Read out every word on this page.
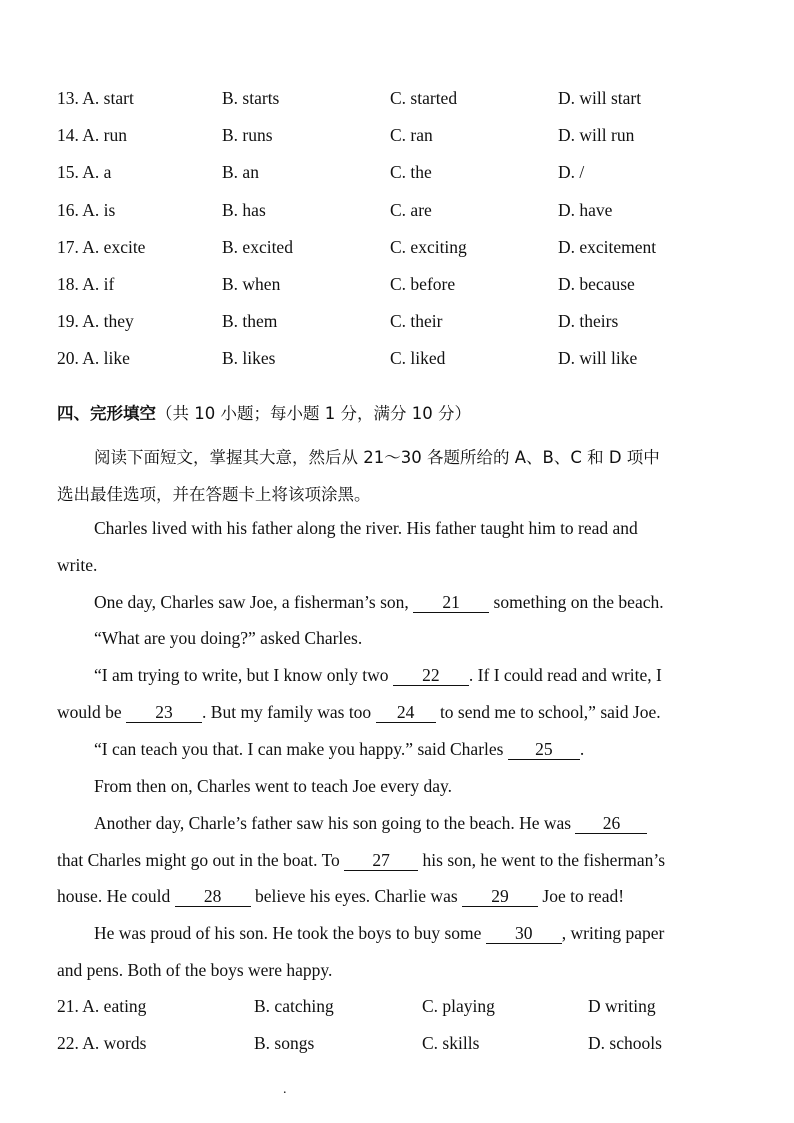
13. A. start	B. starts	C. started	D. will start
14. A. run	B. runs	C. ran	D. will run
15. A. a	B. an	C. the	D. /
16. A. is	B. has	C. are	D. have
17. A. excite	B. excited	C. exciting	D. excitement
18. A. if	B. when	C. before	D. because
19. A. they	B. them	C. their	D. theirs
20. A. like	B. likes	C. liked	D. will like
四、完形填空（共 10 小题；每小题 1 分，满分 10 分）
阅读下面短文，掌握其大意，然后从 21～30 各题所给的 A、B、C 和 D 项中
选出最佳选项，并在答题卡上将该项涂黑。
Charles lived with his father along the river. His father taught him to read and
write.
One day, Charles saw Joe, a fisherman’s son, 21 something on the beach.
“What are you doing?” asked Charles.
“I am trying to write, but I know only two 22 . If I could read and write, I
would be 23 . But my family was too 24 to send me to school,” said Joe.
“I can teach you that. I can make you happy.” said Charles 25 .
From then on, Charles went to teach Joe every day.
Another day, Charle’s father saw his son going to the beach. He was 26
that Charles might go out in the boat. To 27 his son, he went to the fisherman’s
house. He could 28 believe his eyes. Charlie was 29 Joe to read!
He was proud of his son. He took the boys to buy some 30 , writing paper
and pens. Both of the boys were happy.
21. A. eating	B. catching	C. playing	D writing
22. A. words	B. songs	C. skills	D. schools
.
